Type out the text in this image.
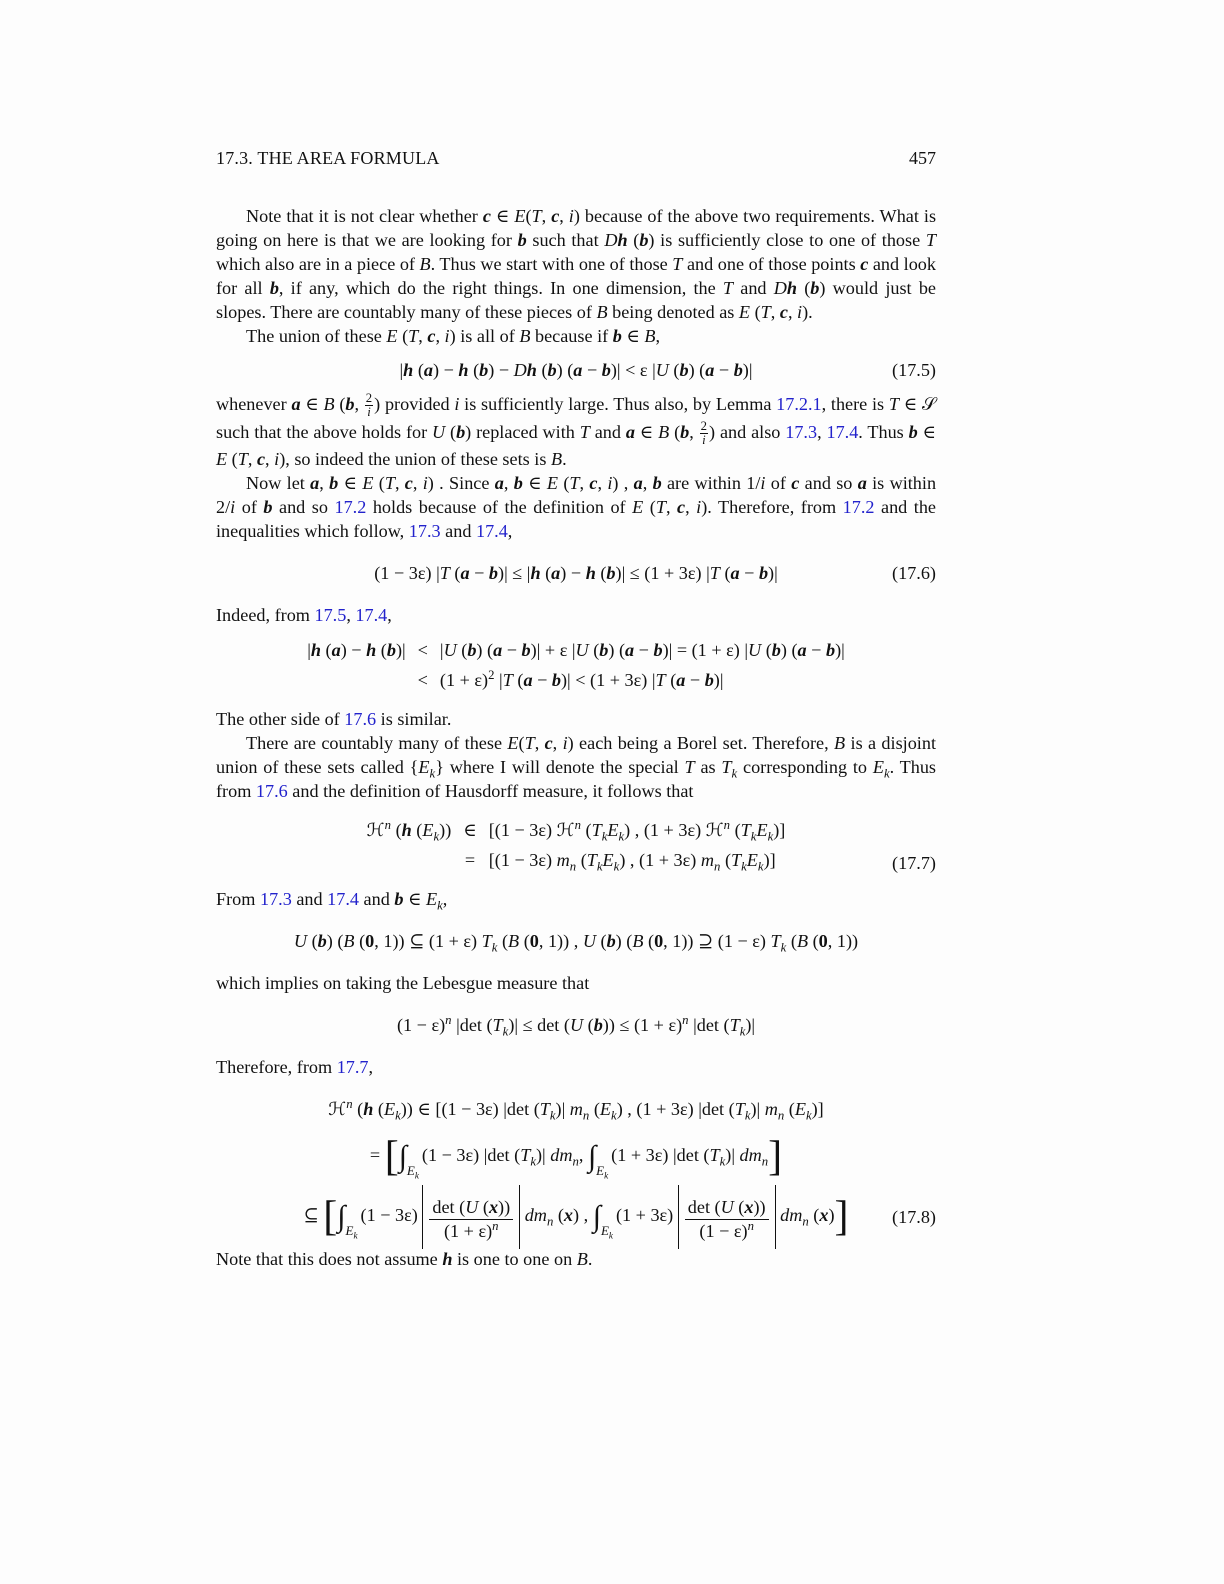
17.3. THE AREA FORMULA	457

Note that it is not clear whether c ∈ E(T, c, i) because of the above two requirements. What is going on here is that we are looking for b such that Dh (b) is sufficiently close to one of those T which also are in a piece of B. Thus we start with one of those T and one of those points c and look for all b, if any, which do the right things. In one dimension, the T and Dh (b) would just be slopes. There are countably many of these pieces of B being denoted as E (T, c, i).

The union of these E (T, c, i) is all of B because if b ∈ B,

|h (a) − h (b) − Dh (b) (a − b)| < ε |U (b) (a − b)|	(17.5)

whenever a ∈ B (b, $\frac{2}{i}$ ) provided i is sufficiently large. Thus also, by Lemma 17.2.1, there is T ∈ 𝒮 such that the above holds for U (b) replaced with T and a ∈ B (b, $\frac{2}{i}$ ) and also 17.3, 17.4. Thus b ∈ E (T, c, i), so indeed the union of these sets is B.

Now let a, b ∈ E (T, c, i) . Since a, b ∈ E (T, c, i) , a, b are within 1/i of c and so a is within 2/i of b and so 17.2 holds because of the definition of E (T, c, i). Therefore, from 17.2 and the inequalities which follow, 17.3 and 17.4,

(1 − 3ε) |T (a − b)| ≤ |h (a) − h (b)| ≤ (1 + 3ε) |T (a − b)|	(17.6)

Indeed, from 17.5, 17.4,

|h (a) − h (b)|	<	|U (b) (a − b)| + ε |U (b) (a − b)| = (1 + ε) |U (b) (a − b)|
	<	$(1 + \varepsilon)^2$ |T (a − b)| < (1 + 3ε) |T (a − b)|

The other side of 17.6 is similar.

There are countably many of these E(T, c, i) each being a Borel set. Therefore, B is a disjoint union of these sets called $\{E_k\}$ where I will denote the special T as $T_k$ corresponding to $E_k$. Thus from 17.6 and the definition of Hausdorff measure, it follows that

ℋ$^n$ (h $(E_k)$)	∈	[(1 − 3ε) ℋ$^n$ $(T_kE_k)$ , (1 + 3ε) ℋ$^n$ $(T_kE_k)$]
	=	[(1 − 3ε) $m_n$ $(T_kE_k)$ , (1 + 3ε) $m_n$ $(T_kE_k)$]	(17.7)

From 17.3 and 17.4 and b ∈ $E_k$,

U (b) (B (0, 1)) ⊆ (1 + ε) $T_k$ (B (0, 1)) , U (b) (B (0, 1)) ⊇ (1 − ε) $T_k$ (B (0, 1))

which implies on taking the Lebesgue measure that

$(1 - \varepsilon)^n$ |det $(T_k)| \le \det (U$ $(b)) \le (1 + \varepsilon)^n$ |det $(T_k)|$

Therefore, from 17.7,

ℋ$^n$ (h $(E_k)$) ∈ [(1 − 3ε) |det $(T_k)|$ $m_n$ $(E_k)$ , (1 + 3ε) |det $(T_k)|$ $m_n$ $(E_k)$]
= [$\int_{E_k}(1 - 3\varepsilon)$ |det $(T_k)|$ $dm_n$, $\int_{E_k}(1 + 3\varepsilon)$ |det $(T_k)|$ $dm_n$]
⊆ [$\int_{E_k}(1 - 3\varepsilon)$ det (U (x))
$(1 + \varepsilon)^n$
$dm_n$ (x) , $\int_{E_k}(1 + 3\varepsilon)$ det (U (x))
$(1 - \varepsilon)^n$
$dm_n$ (x)]	(17.8)

Note that this does not assume h is one to one on B.
